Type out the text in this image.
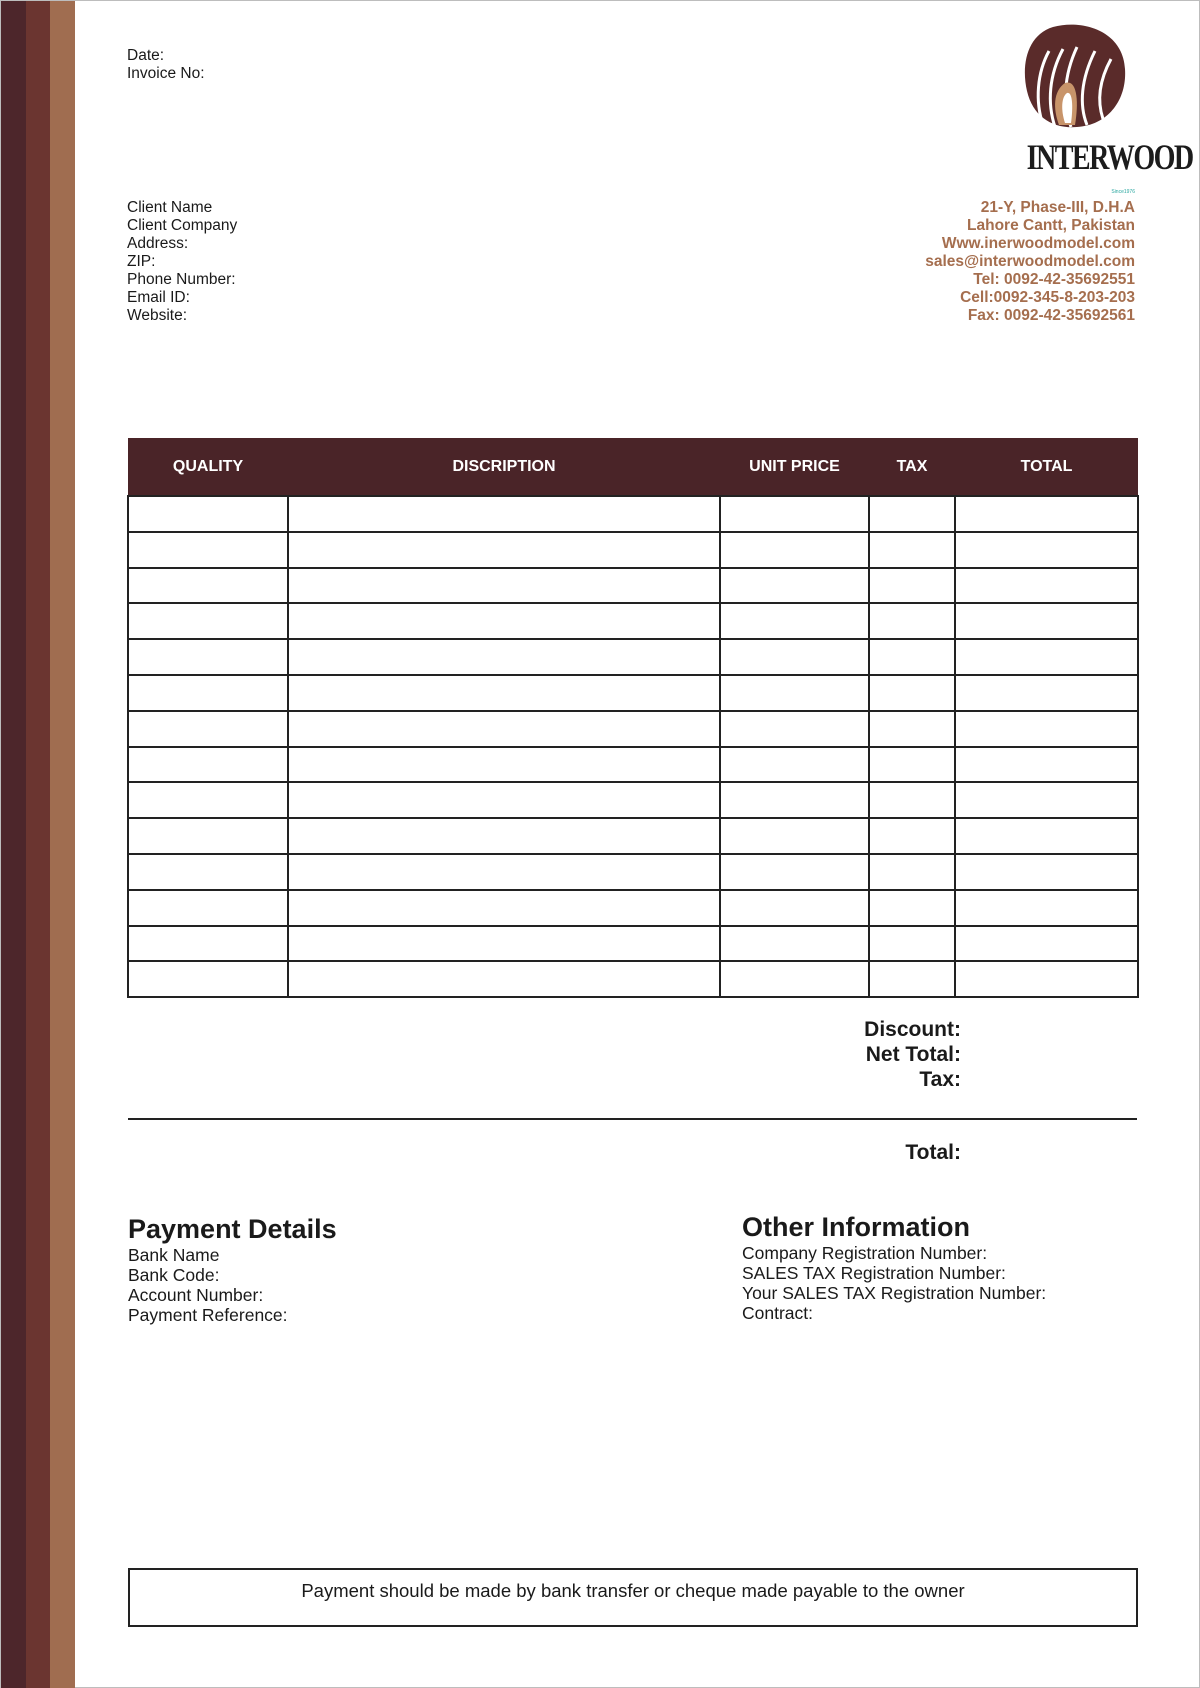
Date:
Invoice No:
INTERWOOD
Since1976
Client Name
Client Company
Address:
ZIP:
Phone Number:
Email ID:
Website:
21-Y, Phase-III, D.H.A
Lahore Cantt, Pakistan
Www.inerwoodmodel.com
sales@interwoodmodel.com
Tel: 0092-42-35692551
Cell:0092-345-8-203-203
Fax: 0092-42-35692561
QUALITY	DISCRIPTION	UNIT PRICE	TAX	TOTAL

Discount:
Net Total:
Tax:
Total:
Payment Details
Bank Name
Bank Code:
Account Number:
Payment Reference:
Other Information
Company Registration Number:
SALES TAX Registration Number:
Your SALES TAX Registration Number:
Contract:
Payment should be made by bank transfer or cheque made payable to the owner
